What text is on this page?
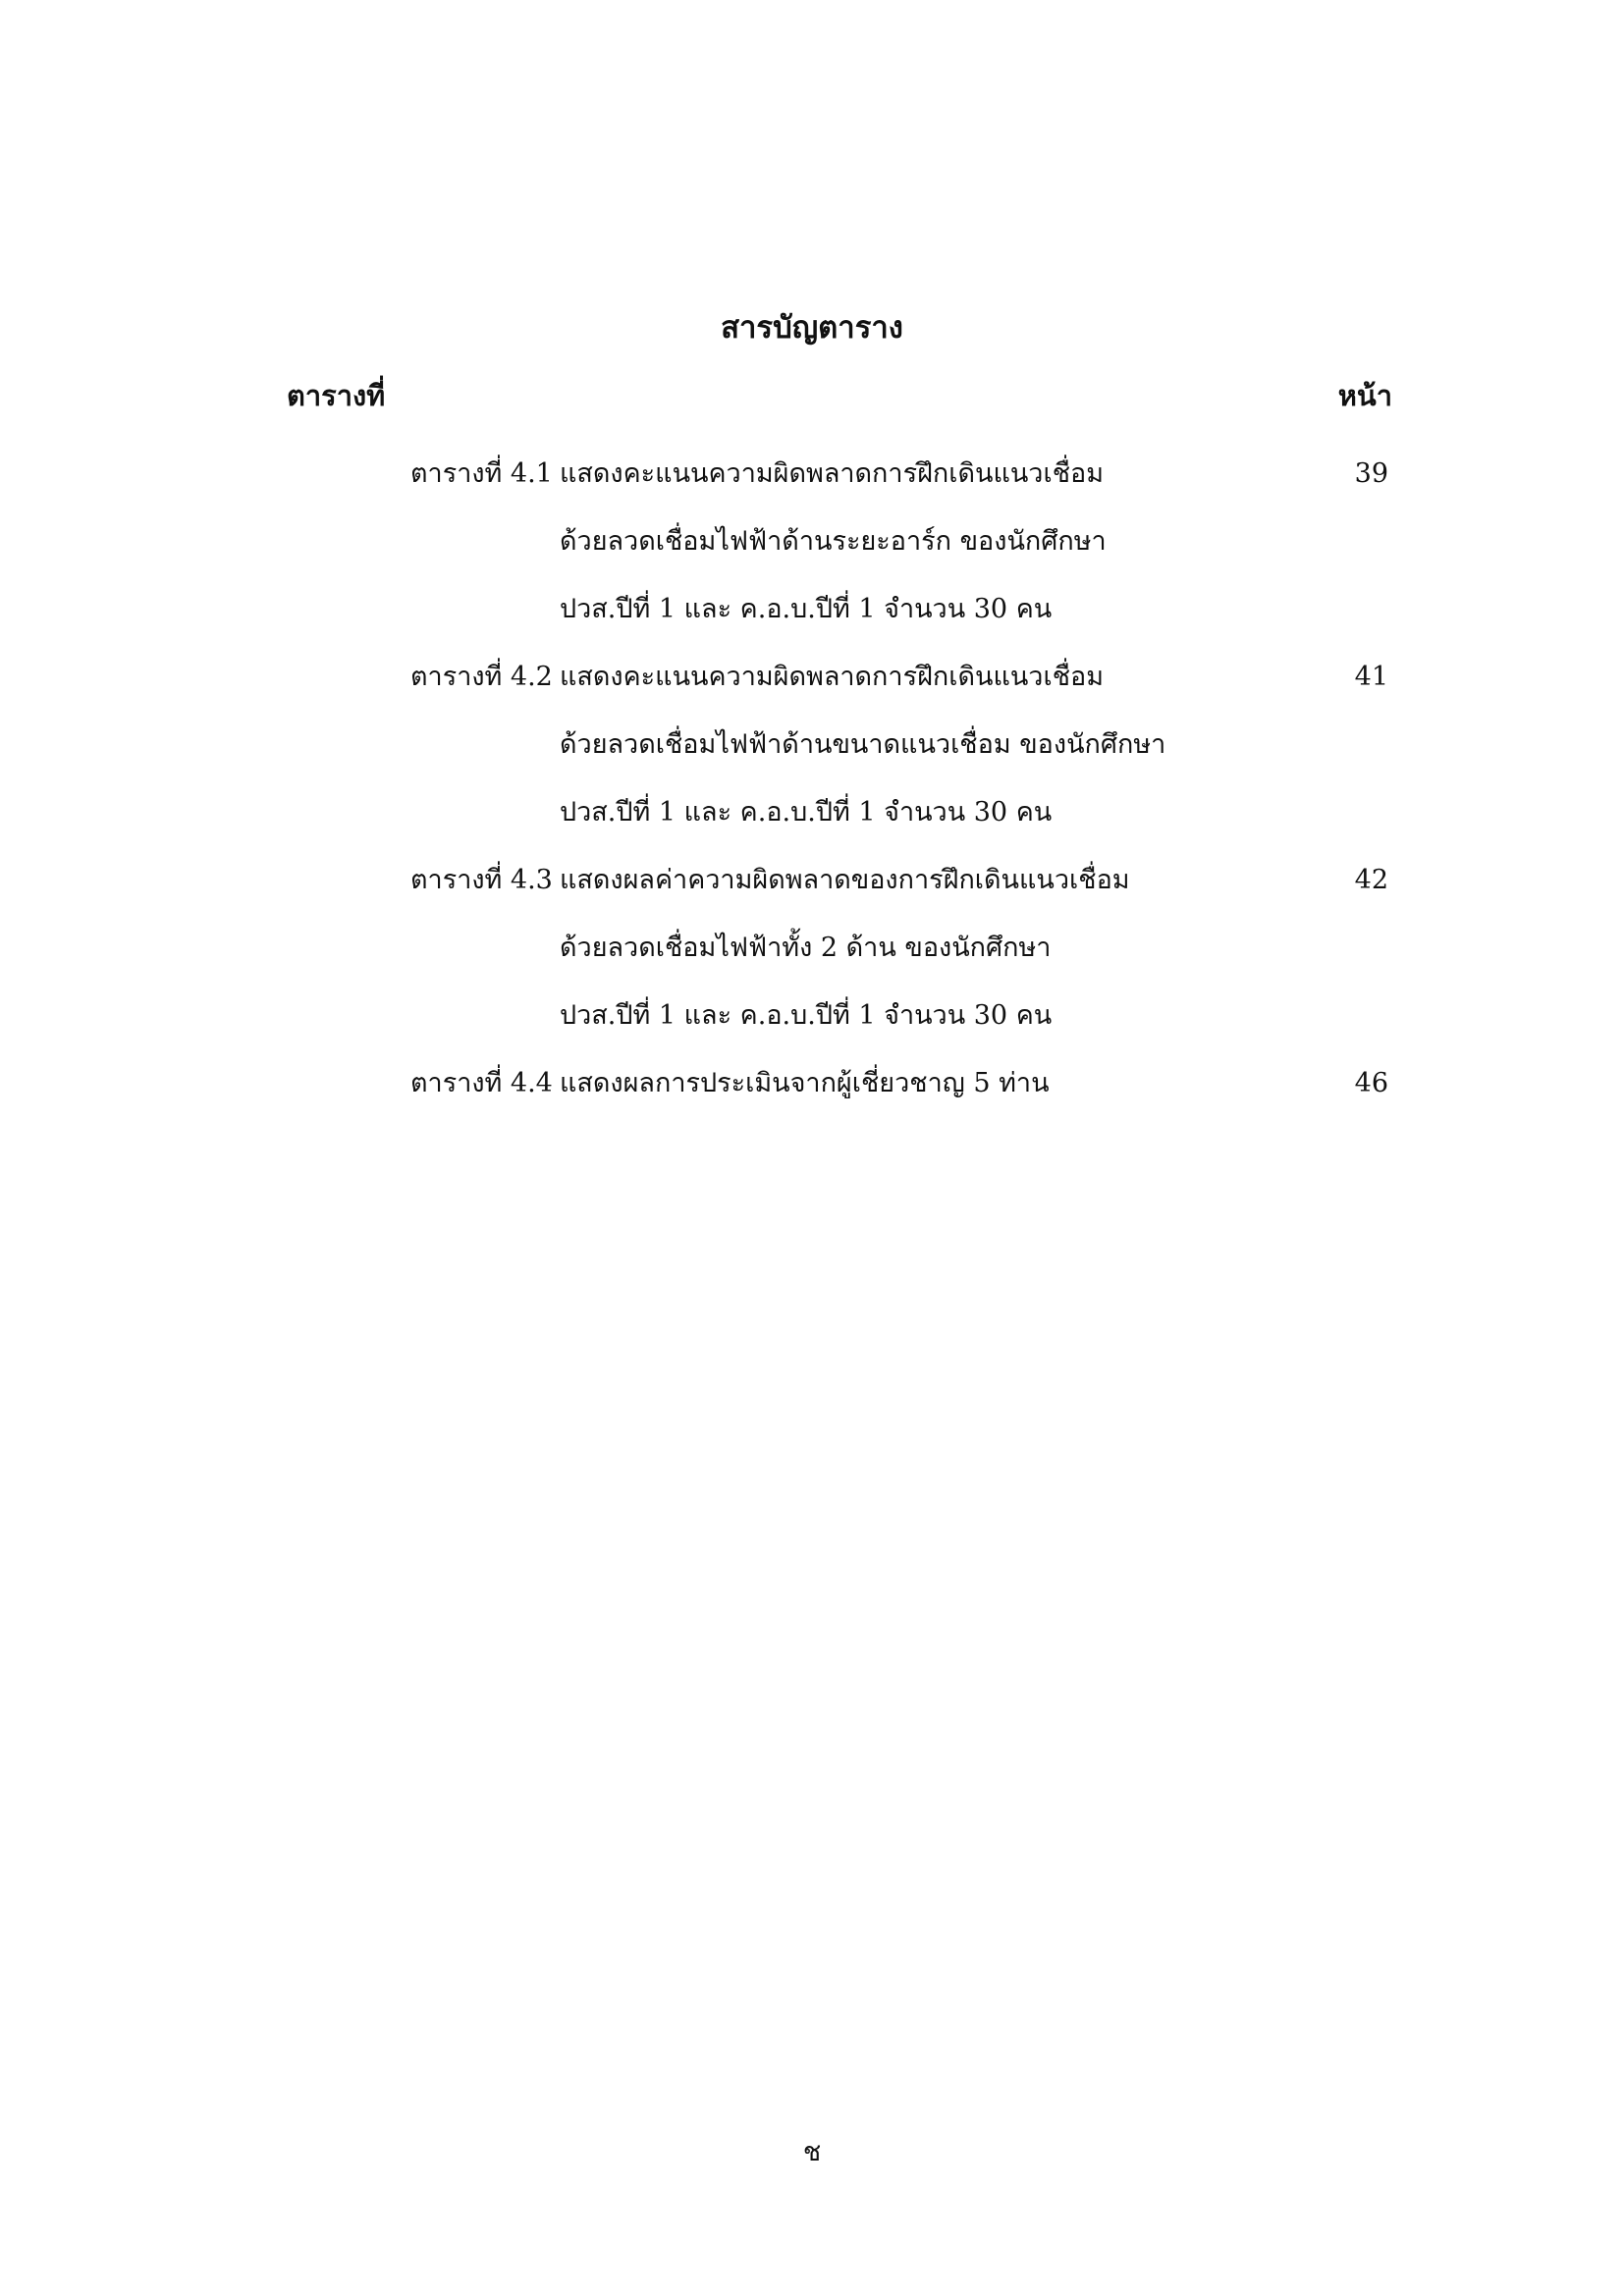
สารบัญตาราง
ตารางที่	หน้า
ตารางที่ 4.1 แสดงคะแนนความผิดพลาดการฝึกเดินแนวเชื่อม	39
ด้วยลวดเชื่อมไฟฟ้าด้านระยะอาร์ก ของนักศึกษา
ปวส.ปีที่ 1 และ ค.อ.บ.ปีที่ 1 จำนวน 30 คน
ตารางที่ 4.2 แสดงคะแนนความผิดพลาดการฝึกเดินแนวเชื่อม	41
ด้วยลวดเชื่อมไฟฟ้าด้านขนาดแนวเชื่อม ของนักศึกษา
ปวส.ปีที่ 1 และ ค.อ.บ.ปีที่ 1 จำนวน 30 คน
ตารางที่ 4.3 แสดงผลค่าความผิดพลาดของการฝึกเดินแนวเชื่อม	42
ด้วยลวดเชื่อมไฟฟ้าทั้ง 2 ด้าน ของนักศึกษา
ปวส.ปีที่ 1 และ ค.อ.บ.ปีที่ 1 จำนวน 30 คน
ตารางที่ 4.4 แสดงผลการประเมินจากผู้เชี่ยวชาญ 5 ท่าน	46
ช
